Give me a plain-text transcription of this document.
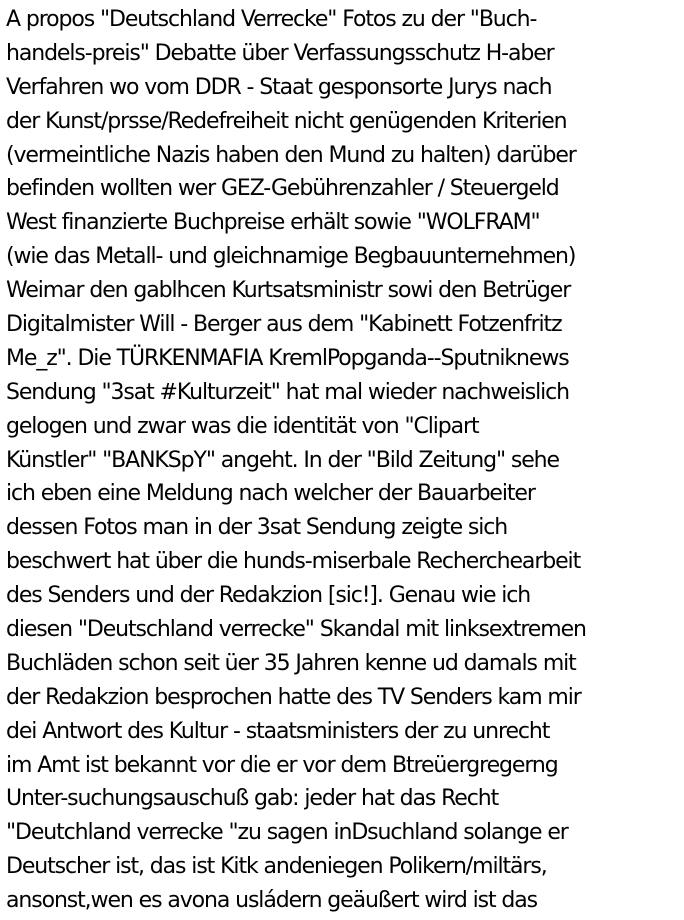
A propos "Deutschland Verrecke" Fotos zu der "Buch-
handels-preis" Debatte über Verfassungsschutz H-aber
Verfahren wo vom DDR - Staat gesponsorte Jurys nach
der Kunst/prsse/Redefreiheit nicht genügenden Kriterien
(vermeintliche Nazis haben den Mund zu halten) darüber
befinden wollten wer GEZ-Gebührenzahler / Steuergeld
West finanzierte Buchpreise erhält sowie "WOLFRAM"
(wie das Metall- und gleichnamige Begbauunternehmen)
Weimar den gablhcen Kurtsatsministr sowi den Betrüger
Digitalmister Will - Berger aus dem "Kabinett Fotzenfritz
Me_z". Die TÜRKENMAFIA KremlPopganda--Sputniknews
Sendung "3sat #Kulturzeit" hat mal wieder nachweislich
gelogen und zwar was die identität von "Clipart
Künstler" "BANKSpY" angeht. In der "Bild Zeitung" sehe
ich eben eine Meldung nach welcher der Bauarbeiter
dessen Fotos man in der 3sat Sendung zeigte sich
beschwert hat über die hunds-miserbale Recherchearbeit
des Senders und der Redakzion [sic!]. Genau wie ich
diesen "Deutschland verrecke" Skandal mit linksextremen
Buchläden schon seit üer 35 Jahren kenne ud damals mit
der Redakzion besprochen hatte des TV Senders kam mir
dei Antwort des Kultur - staatsministers der zu unrecht
im Amt ist bekannt vor die er vor dem Btreüergregerng
Unter-suchungsauschuß gab: jeder hat das Recht
"Deutchland verrecke "zu sagen inDsuchland solange er
Deutscher ist, das ist Kitk andeniegen Polikern/miltärs,
ansonst,wen es avona usládern geäußert wird ist das
